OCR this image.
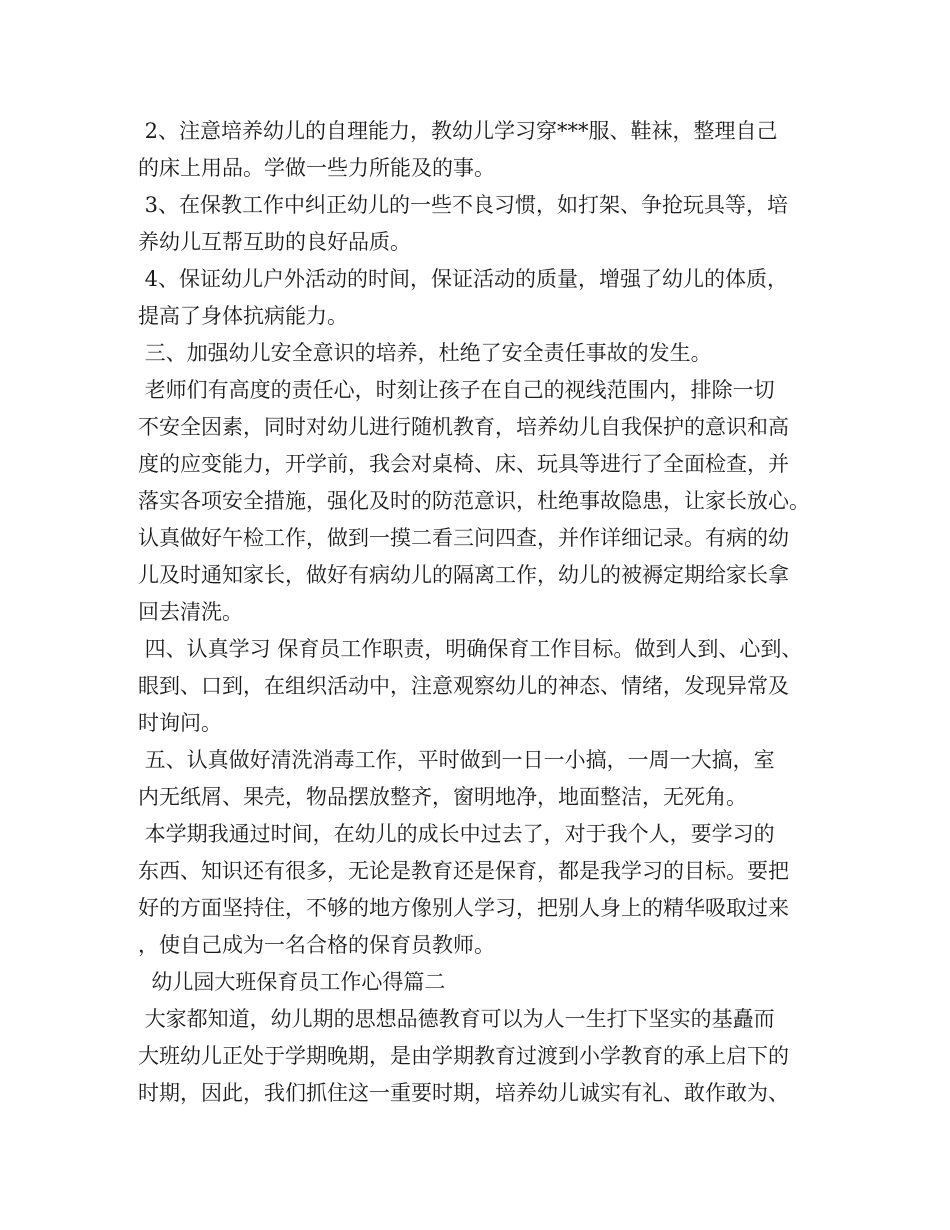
2、注意培养幼儿的自理能力，教幼儿学习穿***服、鞋袜，整理自己
的床上用品。学做一些力所能及的事。
3、在保教工作中纠正幼儿的一些不良习惯，如打架、争抢玩具等，培
养幼儿互帮互助的良好品质。
4、保证幼儿户外活动的时间，保证活动的质量，增强了幼儿的体质，
提高了身体抗病能力。
三、加强幼儿安全意识的培养，杜绝了安全责任事故的发生。
老师们有高度的责任心，时刻让孩子在自己的视线范围内，排除一切
不安全因素，同时对幼儿进行随机教育，培养幼儿自我保护的意识和高
度的应变能力，开学前，我会对桌椅、床、玩具等进行了全面检查，并
落实各项安全措施，强化及时的防范意识，杜绝事故隐患，让家长放心。
认真做好午检工作，做到一摸二看三问四查，并作详细记录。有病的幼
儿及时通知家长，做好有病幼儿的隔离工作，幼儿的被褥定期给家长拿
回去清洗。
四、认真学习 保育员工作职责，明确保育工作目标。做到人到、心到、
眼到、口到，在组织活动中，注意观察幼儿的神态、情绪，发现异常及
时询问。
五、认真做好清洗消毒工作，平时做到一日一小搞，一周一大搞，室
内无纸屑、果壳，物品摆放整齐，窗明地净，地面整洁，无死角。
本学期我通过时间，在幼儿的成长中过去了，对于我个人，要学习的
东西、知识还有很多，无论是教育还是保育，都是我学习的目标。要把
好的方面坚持住，不够的地方像别人学习，把别人身上的精华吸取过来
，使自己成为一名合格的保育员教师。
幼儿园大班保育员工作心得篇二
大家都知道，幼儿期的思想品德教育可以为人一生打下坚实的基矗而
大班幼儿正处于学期晚期，是由学期教育过渡到小学教育的承上启下的
时期，因此，我们抓住这一重要时期，培养幼儿诚实有礼、敢作敢为、
